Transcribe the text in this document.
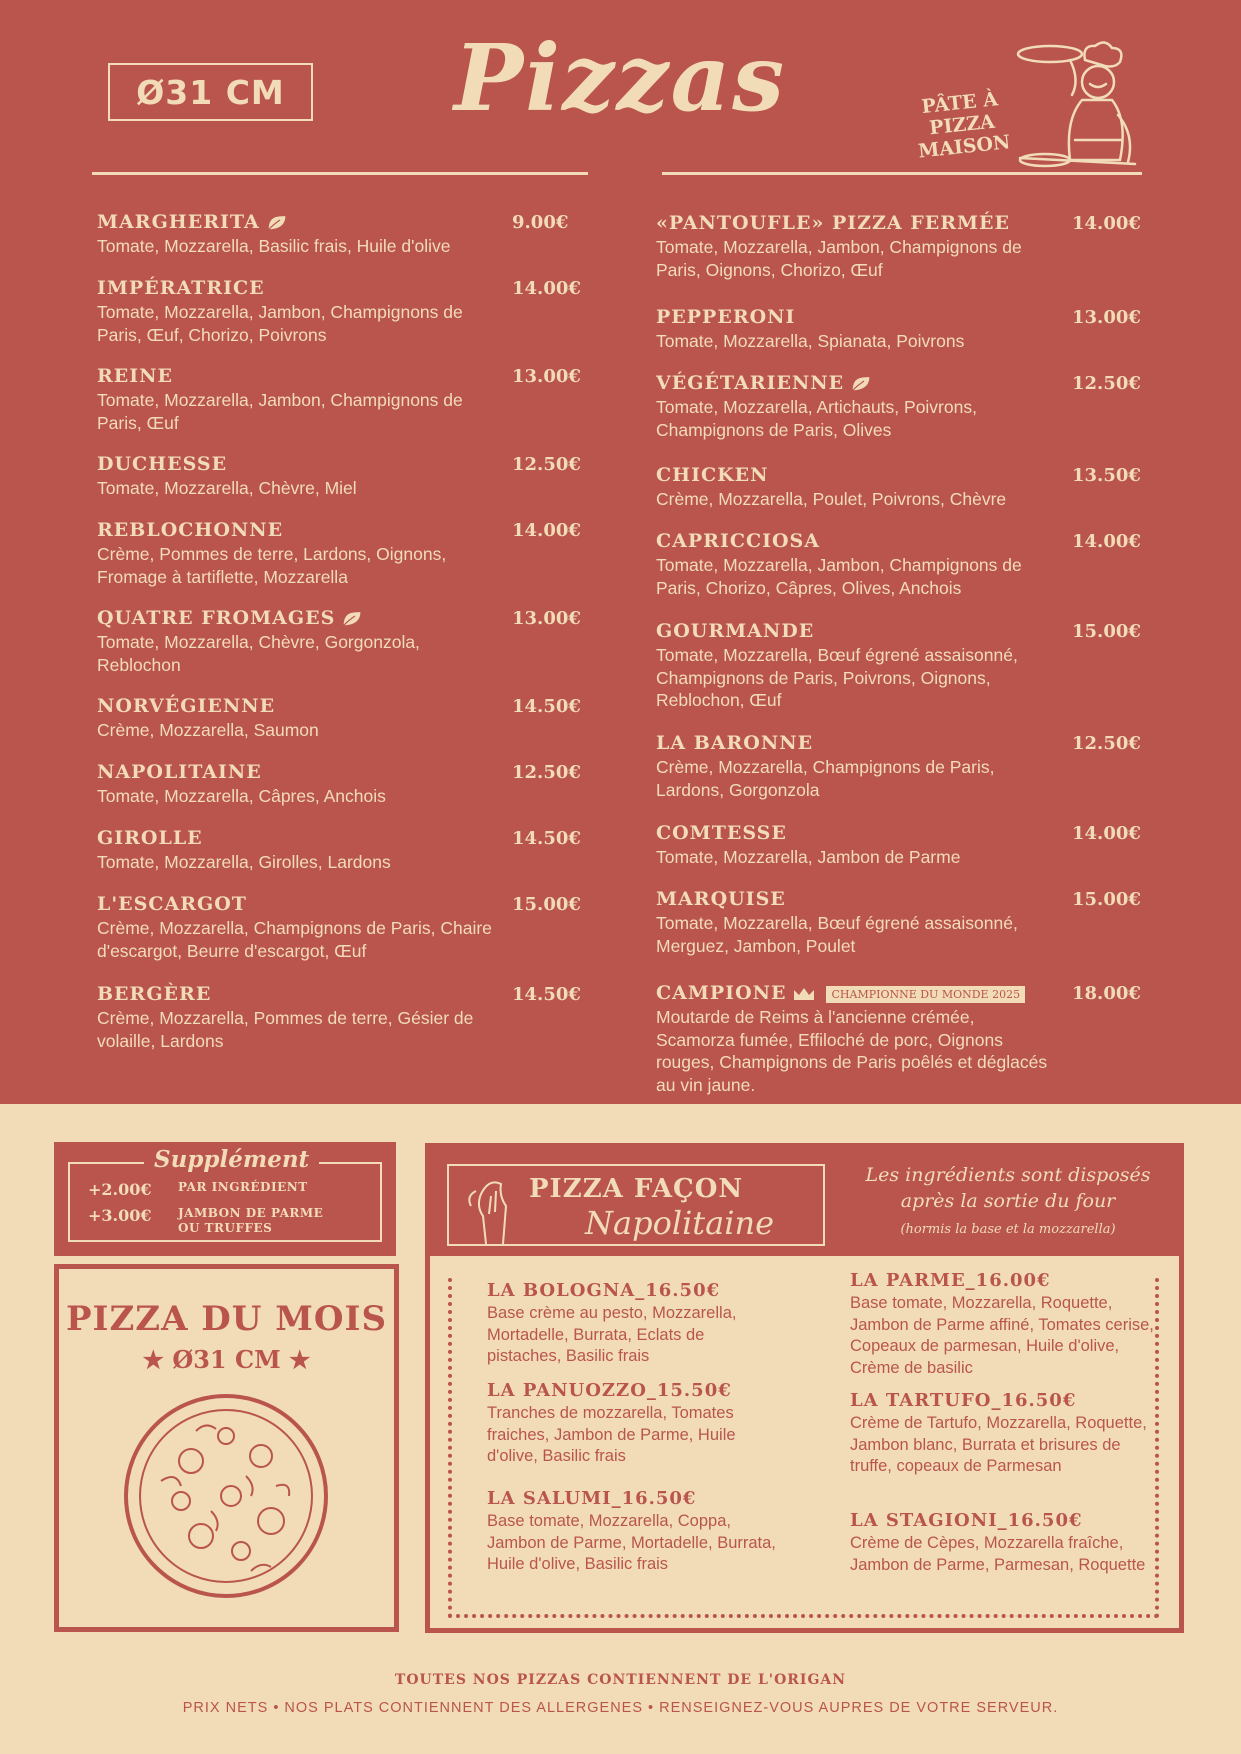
Ø31 CM	Pizzas	PÂTE À PIZZA
MAISON
MARGHERITA
Tomate, Mozzarella, Basilic frais, Huile d'olive
9.00€
IMPÉRATRICE
Tomate, Mozzarella, Jambon, Champignons de Paris, Œuf, Chorizo, Poivrons
14.00€
REINE
Tomate, Mozzarella, Jambon, Champignons de Paris, Œuf
13.00€
DUCHESSE
Tomate, Mozzarella, Chèvre, Miel
12.50€
REBLOCHONNE
Crème, Pommes de terre, Lardons, Oignons, Fromage à tartiflette, Mozzarella
14.00€
QUATRE FROMAGES
Tomate, Mozzarella, Chèvre, Gorgonzola, Reblochon
13.00€
NORVÉGIENNE
Crème, Mozzarella, Saumon
14.50€
NAPOLITAINE
Tomate, Mozzarella, Câpres, Anchois
12.50€
GIROLLE
Tomate, Mozzarella, Girolles, Lardons
14.50€
L'ESCARGOT
Crème, Mozzarella, Champignons de Paris, Chaire d'escargot, Beurre d'escargot, Œuf
15.00€
BERGÈRE
Crème, Mozzarella, Pommes de terre, Gésier de volaille, Lardons
14.50€
«PANTOUFLE» PIZZA FERMÉE
Tomate, Mozzarella, Jambon, Champignons de Paris, Oignons, Chorizo, Œuf
14.00€
PEPPERONI
Tomate, Mozzarella, Spianata, Poivrons
13.00€
VÉGÉTARIENNE
Tomate, Mozzarella, Artichauts, Poivrons, Champignons de Paris, Olives
12.50€
CHICKEN
Crème, Mozzarella, Poulet, Poivrons, Chèvre
13.50€
CAPRICCIOSA
Tomate, Mozzarella, Jambon, Champignons de Paris, Chorizo, Câpres, Olives, Anchois
14.00€
GOURMANDE
Tomate, Mozzarella, Bœuf égrené assaisonné, Champignons de Paris, Poivrons, Oignons, Reblochon, Œuf
15.00€
LA BARONNE
Crème, Mozzarella, Champignons de Paris, Lardons, Gorgonzola
12.50€
COMTESSE
Tomate, Mozzarella, Jambon de Parme
14.00€
MARQUISE
Tomate, Mozzarella, Bœuf égrené assaisonné, Merguez, Jambon, Poulet
15.00€
CAMPIONE	CHAMPIONNE DU MONDE 2025
Moutarde de Reims à l'ancienne crémée, Scamorza fumée, Effiloché de porc, Oignons rouges, Champignons de Paris poêlés et déglacés au vin jaune.
18.00€
Supplément
+2.00€	PAR INGRÉDIENT
+3.00€	JAMBON DE PARME OU TRUFFES
PIZZA DU MOIS
★ Ø31 CM ★
PIZZA FAÇON
Napolitaine
Les ingrédients sont disposés après la sortie du four
(hormis la base et la mozzarella)
LA BOLOGNA_16.50€
Base crème au pesto, Mozzarella, Mortadelle, Burrata, Eclats de pistaches, Basilic frais
LA PANUOZZO_15.50€
Tranches de mozzarella, Tomates fraiches, Jambon de Parme, Huile d'olive, Basilic frais
LA SALUMI_16.50€
Base tomate, Mozzarella, Coppa, Jambon de Parme, Mortadelle, Burrata, Huile d'olive, Basilic frais
LA PARME_16.00€
Base tomate, Mozzarella, Roquette, Jambon de Parme affiné, Tomates cerise, Copeaux de parmesan, Huile d'olive, Crème de basilic
LA TARTUFO_16.50€
Crème de Tartufo, Mozzarella, Roquette, Jambon blanc, Burrata et brisures de truffe, copeaux de Parmesan
LA STAGIONI_16.50€
Crème de Cèpes, Mozzarella fraîche, Jambon de Parme, Parmesan, Roquette
TOUTES NOS PIZZAS CONTIENNENT DE L'ORIGAN
PRIX NETS • NOS PLATS CONTIENNENT DES ALLERGENES • RENSEIGNEZ-VOUS AUPRES DE VOTRE SERVEUR.
